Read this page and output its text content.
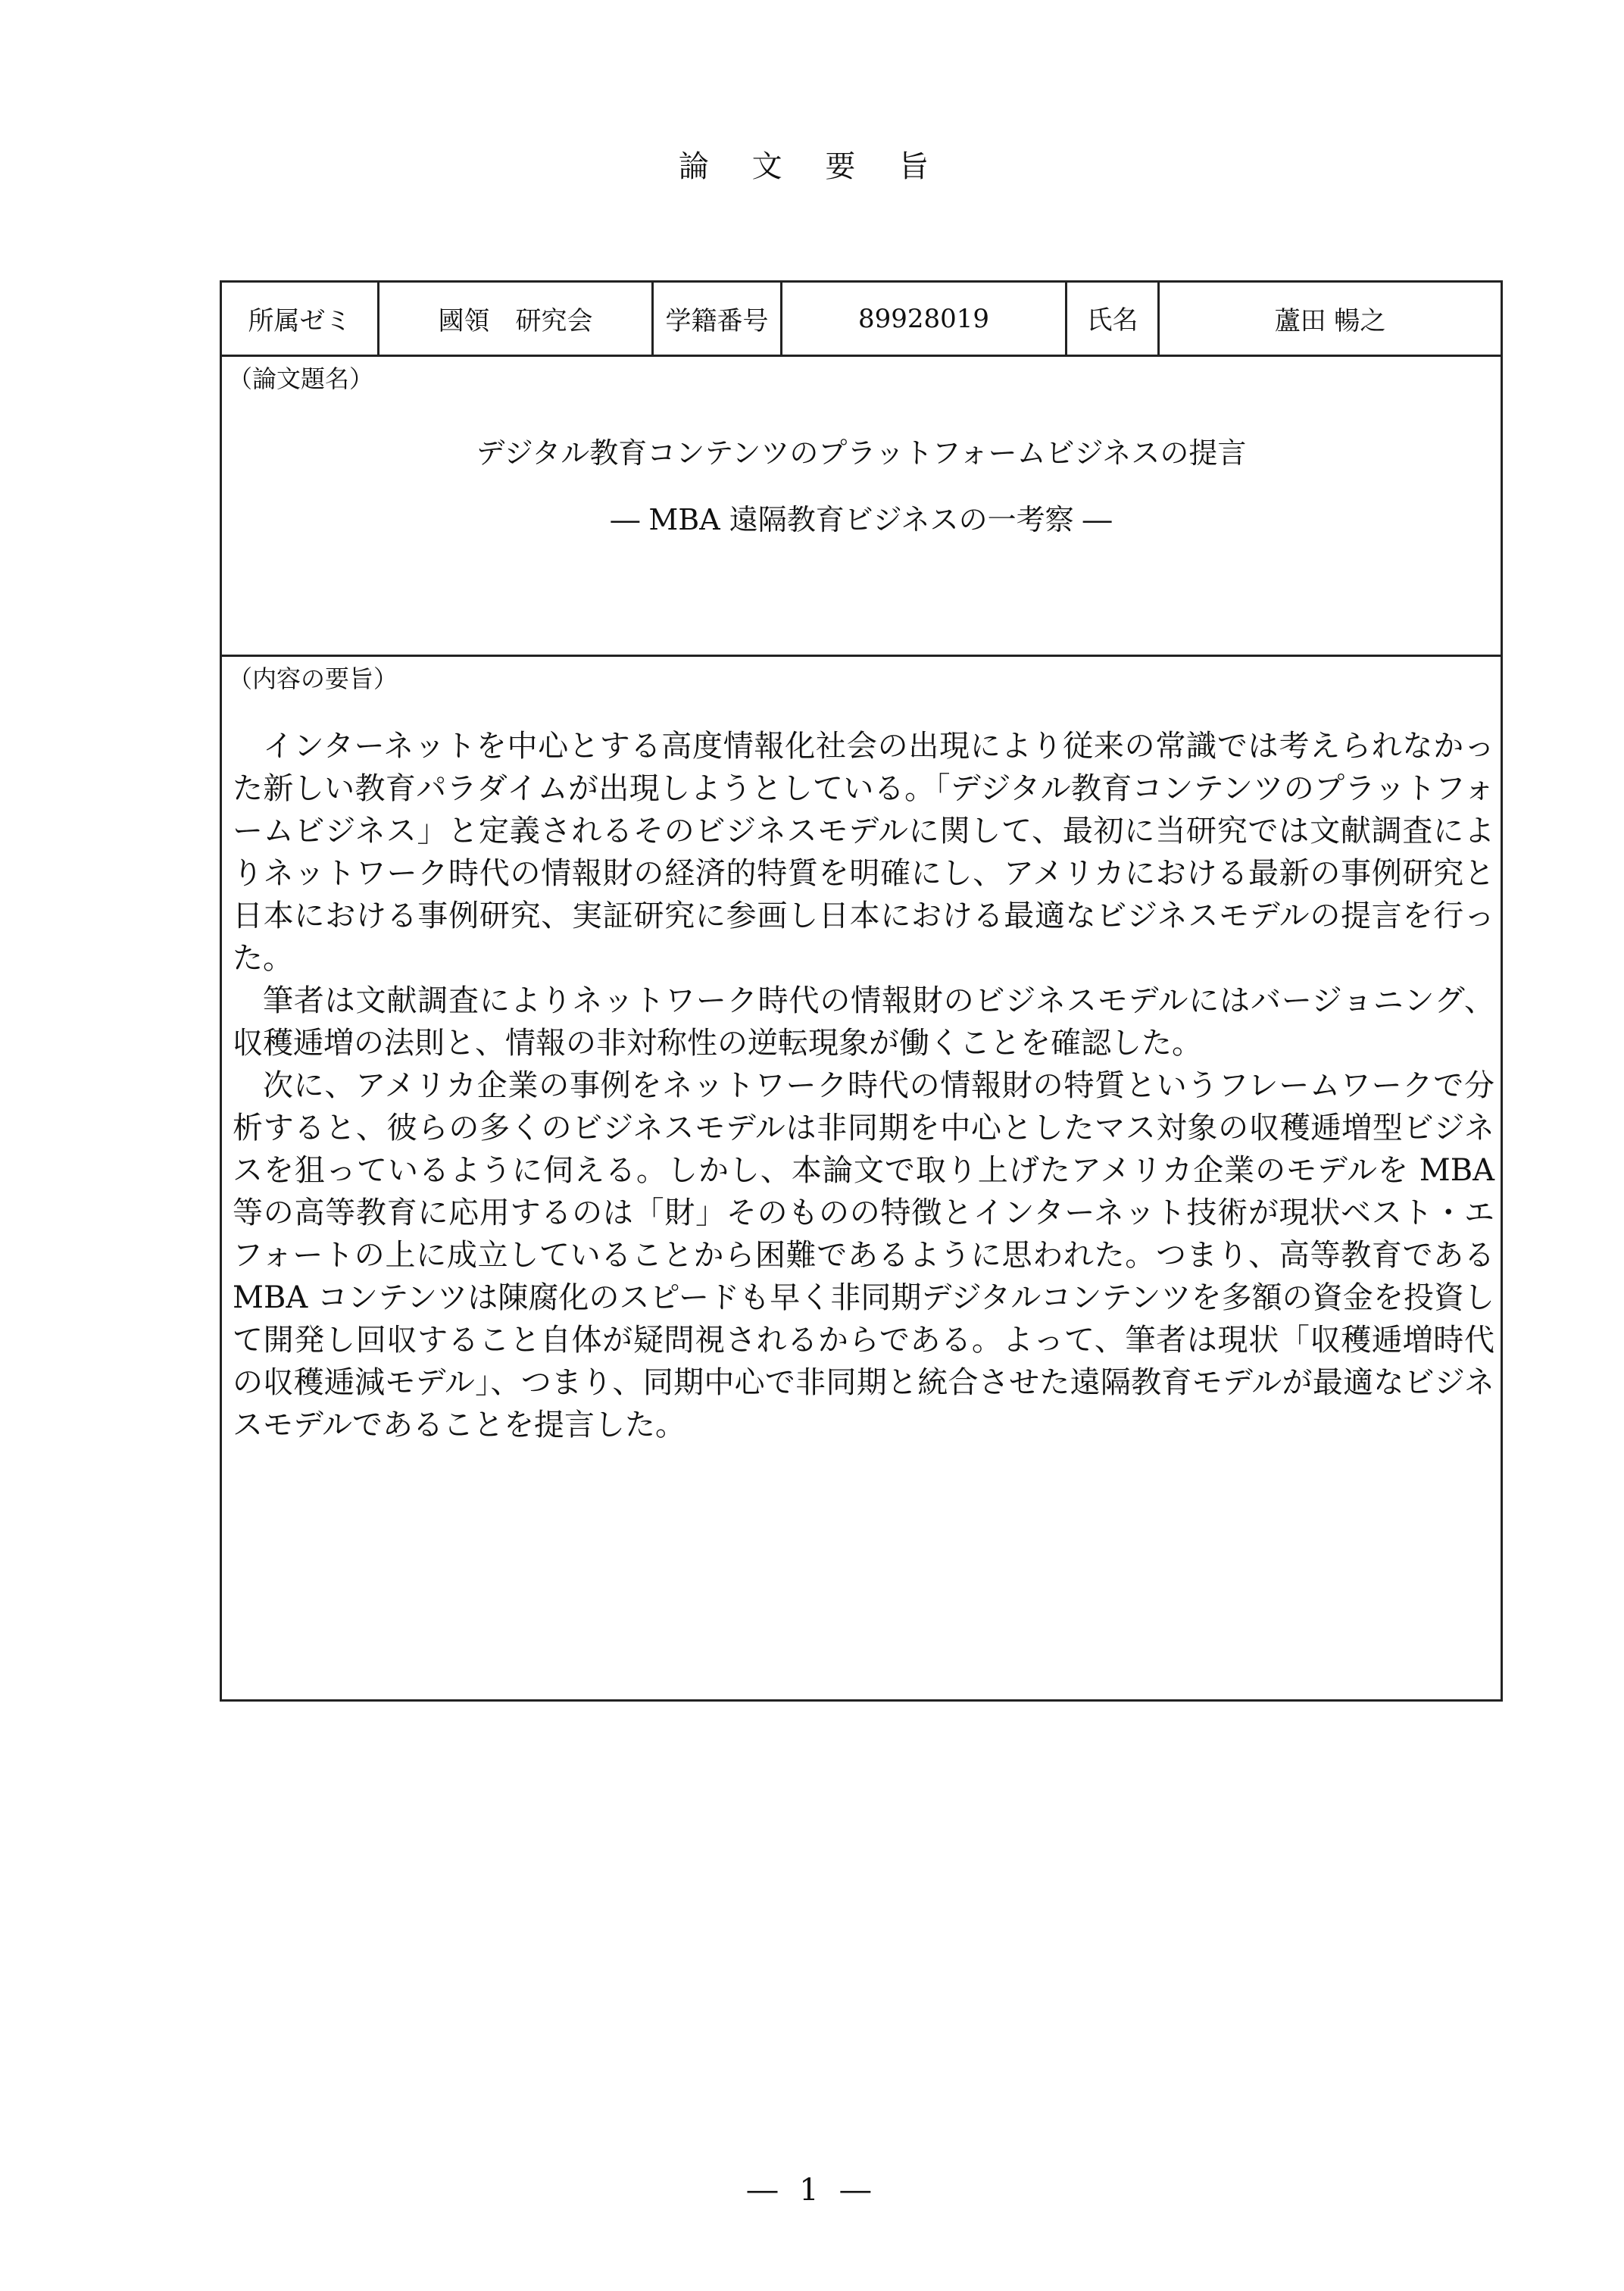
論 文 要 旨
所属ゼミ	國領　研究会	学籍番号	89928019	氏名	蘆田 暢之
（論文題名）
デジタル教育コンテンツのプラットフォームビジネスの提言
― MBA 遠隔教育ビジネスの一考察 ―
（内容の要旨）

インターネットを中心とする高度情報化社会の出現により従来の常識では考えられなかった新しい教育パラダイムが出現しようとしている。「デジタル教育コンテンツのプラットフォームビジネス」と定義されるそのビジネスモデルに関して、最初に当研究では文献調査によりネットワーク時代の情報財の経済的特質を明確にし、アメリカにおける最新の事例研究と日本における事例研究、実証研究に参画し日本における最適なビジネスモデルの提言を行った。

筆者は文献調査によりネットワーク時代の情報財のビジネスモデルにはバージョニング、収穫逓増の法則と、情報の非対称性の逆転現象が働くことを確認した。

次に、アメリカ企業の事例をネットワーク時代の情報財の特質というフレームワークで分析すると、彼らの多くのビジネスモデルは非同期を中心としたマス対象の収穫逓増型ビジネスを狙っているように伺える。しかし、本論文で取り上げたアメリカ企業のモデルを MBA 等の高等教育に応用するのは「財」そのものの特徴とインターネット技術が現状ベスト・エフォートの上に成立していることから困難であるように思われた。つまり、高等教育である MBA コンテンツは陳腐化のスピードも早く非同期デジタルコンテンツを多額の資金を投資して開発し回収すること自体が疑問視されるからである。よって、筆者は現状「収穫逓増時代の収穫逓減モデル」、つまり、同期中心で非同期と統合させた遠隔教育モデルが最適なビジネスモデルであることを提言した。

― 1 ―
